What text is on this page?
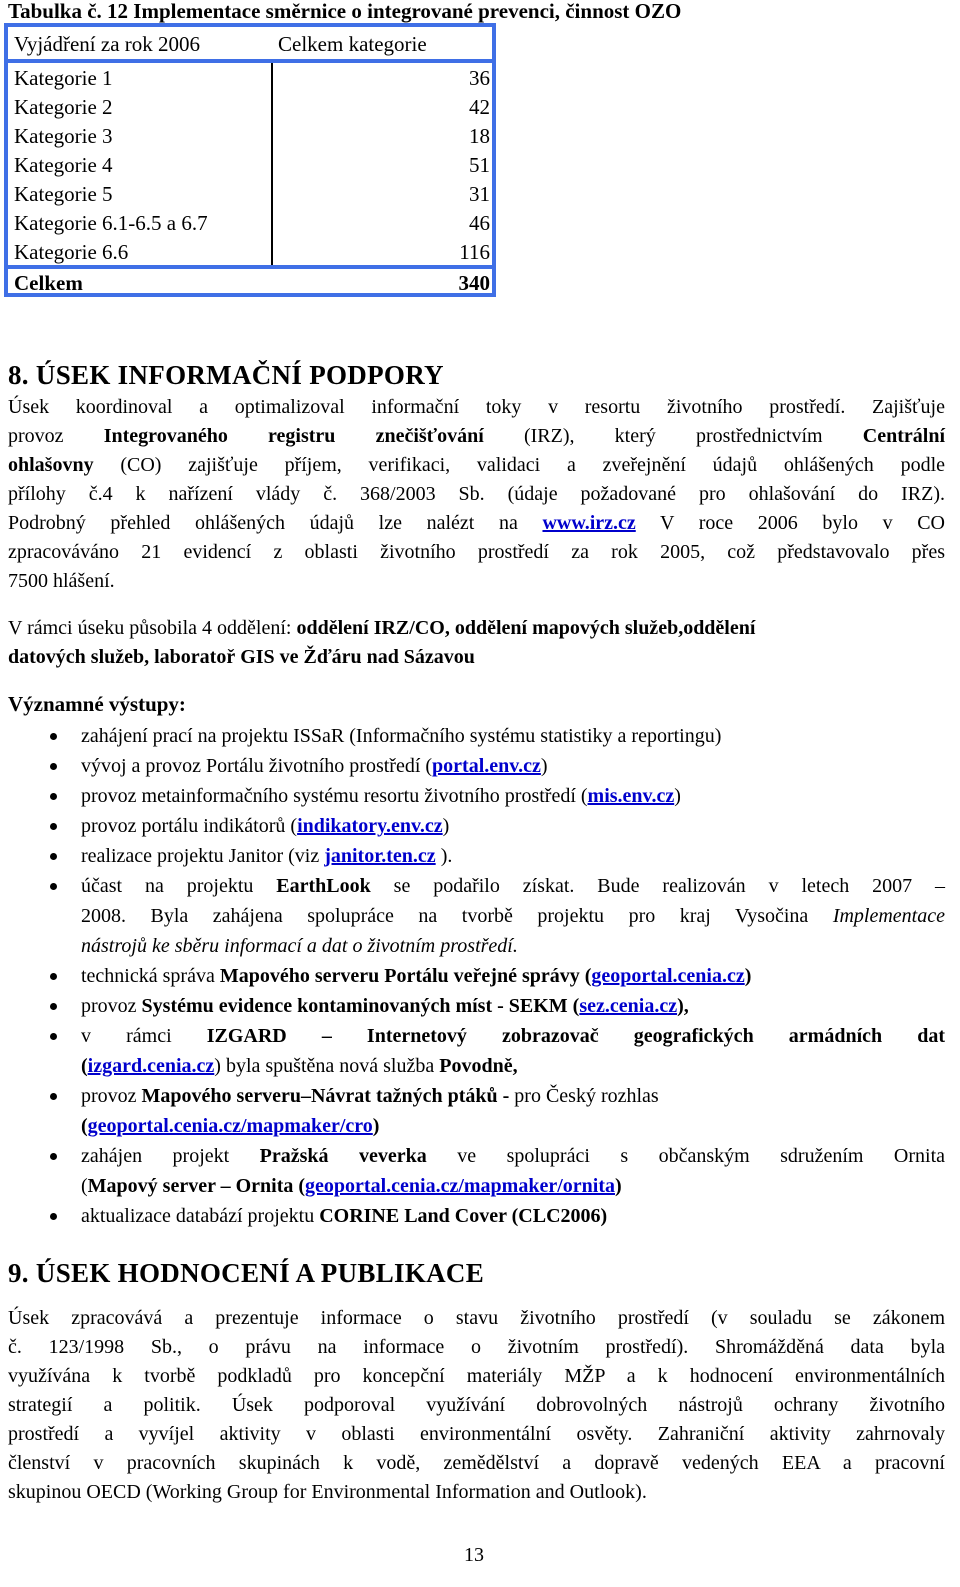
Tabulka č. 12 Implementace směrnice o integrované prevenci, činnost OZO
Vyjádření za rok 2006	Celkem kategorie
Kategorie 1	36
Kategorie 2	42
Kategorie 3	18
Kategorie 4	51
Kategorie 5	31
Kategorie 6.1-6.5 a 6.7	46
Kategorie 6.6	116
Celkem	340
8. ÚSEK INFORMAČNÍ PODPORY
Úsek koordinoval a optimalizoval informační toky v resortu životního prostředí. Zajišťuje
provoz Integrovaného registru znečišťování (IRZ), který prostřednictvím Centrální
ohlašovny (CO) zajišťuje příjem, verifikaci, validaci a zveřejnění údajů ohlášených podle
přílohy č.4 k nařízení vlády č. 368/2003 Sb. (údaje požadované pro ohlašování do IRZ).
Podrobný přehled ohlášených údajů lze nalézt na www.irz.cz V roce 2006 bylo v CO
zpracováváno 21 evidencí z oblasti životního prostředí za rok 2005, což představovalo přes
7500 hlášení.
V rámci úseku působila 4 oddělení: oddělení IRZ/CO, oddělení mapových služeb,oddělení
datových služeb, laboratoř GIS ve Žďáru nad Sázavou
Významné výstupy:
zahájení prací na projektu ISSaR (Informačního systému statistiky a reportingu)
vývoj a provoz Portálu životního prostředí (portal.env.cz)
provoz metainformačního systému resortu životního prostředí (mis.env.cz)
provoz portálu indikátorů (indikatory.env.cz)
realizace projektu Janitor (viz janitor.ten.cz ).
účast na projektu EarthLook se podařilo získat. Bude realizován v letech 2007 –
2008. Byla zahájena spolupráce na tvorbě projektu pro kraj Vysočina Implementace
nástrojů ke sběru informací a dat o životním prostředí.
technická správa Mapového serveru Portálu veřejné správy (geoportal.cenia.cz)
provoz Systému evidence kontaminovaných míst - SEKM (sez.cenia.cz),
v rámci IZGARD – Internetový zobrazovač geografických armádních dat
(izgard.cenia.cz) byla spuštěna nová služba Povodně,
provoz Mapového serveru–Návrat tažných ptáků - pro Český rozhlas
(geoportal.cenia.cz/mapmaker/cro)
zahájen projekt Pražská veverka ve spolupráci s občanským sdružením Ornita
(Mapový server – Ornita (geoportal.cenia.cz/mapmaker/ornita)
aktualizace databází projektu CORINE Land Cover (CLC2006)
9. ÚSEK HODNOCENÍ A PUBLIKACE
Úsek zpracovává a prezentuje informace o stavu životního prostředí (v souladu se zákonem
č. 123/1998 Sb., o právu na informace o životním prostředí). Shromážděná data byla
využívána k tvorbě podkladů pro koncepční materiály MŽP a k hodnocení environmentálních
strategií a politik. Úsek podporoval využívání dobrovolných nástrojů ochrany životního
prostředí a vyvíjel aktivity v oblasti environmentální osvěty. Zahraniční aktivity zahrnovaly
členství v pracovních skupinách k vodě, zemědělství a dopravě vedených EEA a pracovní
skupinou OECD (Working Group for Environmental Information and Outlook).
13
